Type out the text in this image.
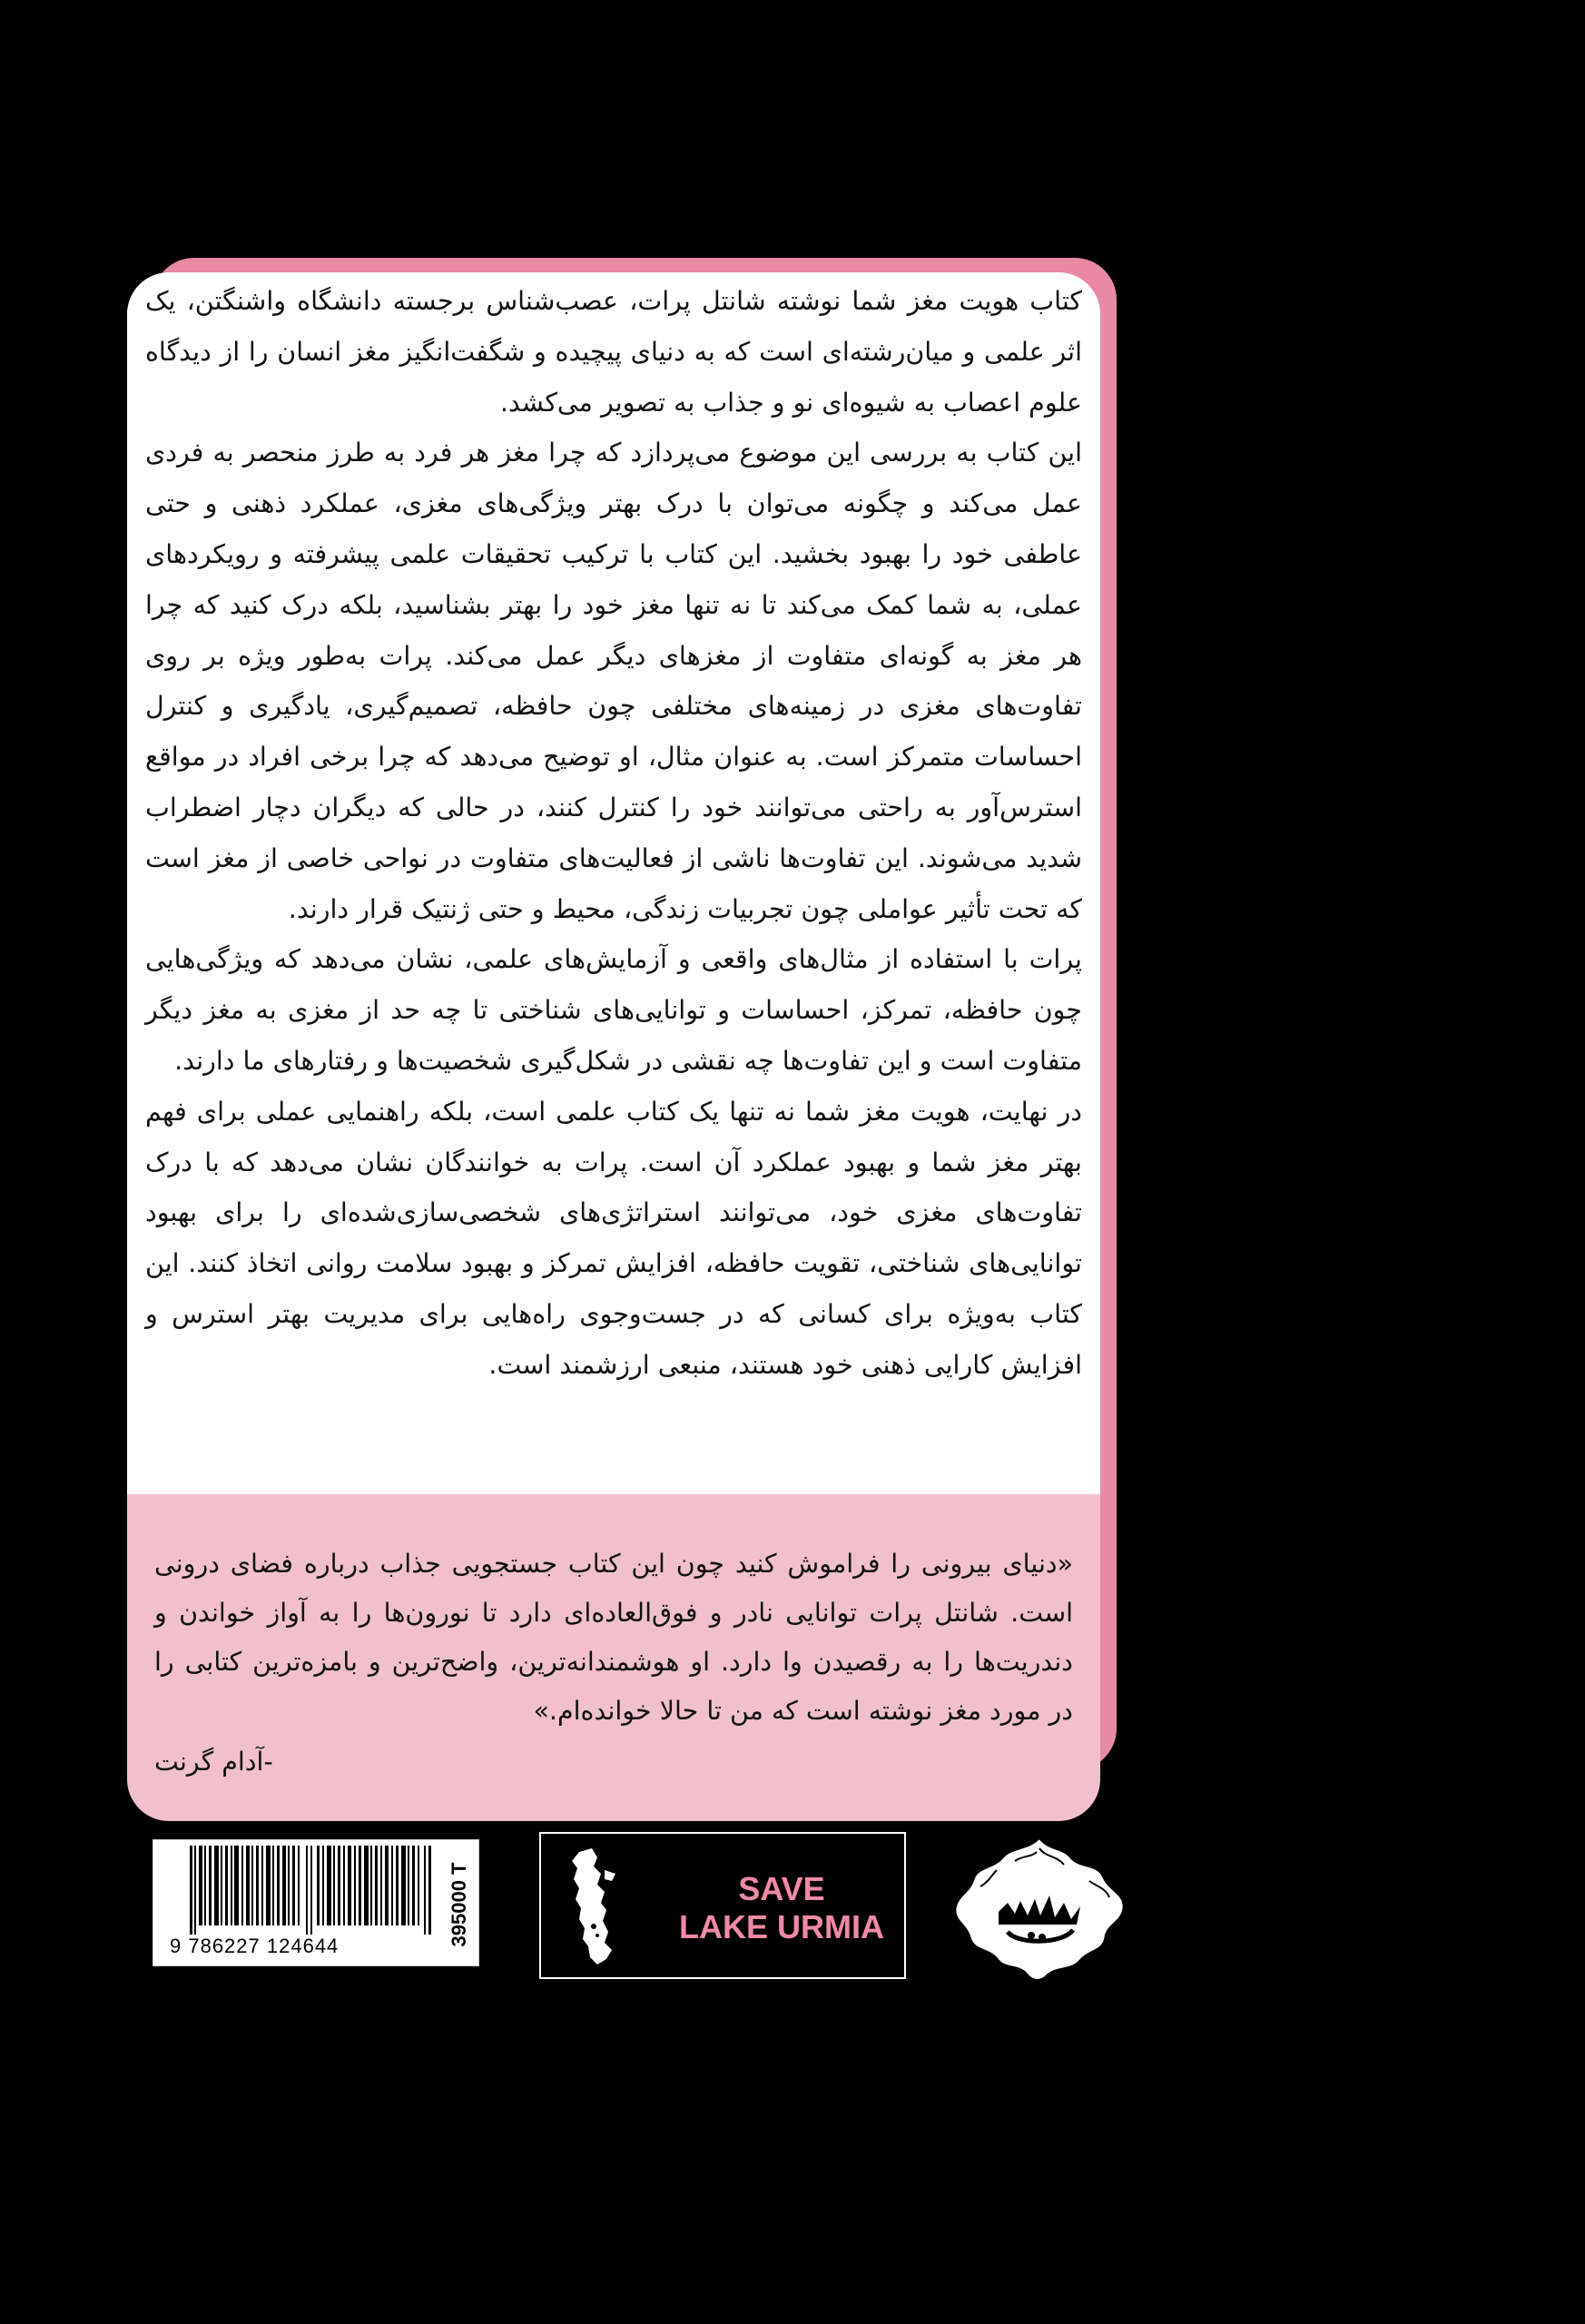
کتاب هویت مغز شما نوشته شانتل پرات، عصب‌شناس برجسته دانشگاه واشنگتن، یک اثر علمی و میان‌رشته‌ای است که به دنیای پیچیده و شگفت‌انگیز مغز انسان را از دیدگاه علوم اعصاب به شیوه‌ای نو و جذاب به تصویر می‌کشد.

این کتاب به بررسی این موضوع می‌پردازد که چرا مغز هر فرد به طرز منحصر به فردی عمل می‌کند و چگونه می‌توان با درک بهتر ویژگی‌های مغزی، عملکرد ذهنی و حتی عاطفی خود را بهبود بخشید. این کتاب با ترکیب تحقیقات علمی پیشرفته و رویکردهای عملی، به شما کمک می‌کند تا نه تنها مغز خود را بهتر بشناسید، بلکه درک کنید که چرا هر مغز به گونه‌ای متفاوت از مغزهای دیگر عمل می‌کند. پرات به‌طور ویژه بر روی تفاوت‌های مغزی در زمینه‌های مختلفی چون حافظه، تصمیم‌گیری، یادگیری و کنترل احساسات متمرکز است. به عنوان مثال، او توضیح می‌دهد که چرا برخی افراد در مواقع استرس‌آور به راحتی می‌توانند خود را کنترل کنند، در حالی که دیگران دچار اضطراب شدید می‌شوند. این تفاوت‌ها ناشی از فعالیت‌های متفاوت در نواحی خاصی از مغز است که تحت تأثیر عواملی چون تجربیات زندگی، محیط و حتی ژنتیک قرار دارند.

پرات با استفاده از مثال‌های واقعی و آزمایش‌های علمی، نشان می‌دهد که ویژگی‌هایی چون حافظه، تمرکز، احساسات و توانایی‌های شناختی تا چه حد از مغزی به مغز دیگر متفاوت است و این تفاوت‌ها چه نقشی در شکل‌گیری شخصیت‌ها و رفتارهای ما دارند.

در نهایت، هویت مغز شما نه تنها یک کتاب علمی است، بلکه راهنمایی عملی برای فهم بهتر مغز شما و بهبود عملکرد آن است. پرات به خوانندگان نشان می‌دهد که با درک تفاوت‌های مغزی خود، می‌توانند استراتژی‌های شخصی‌سازی‌شده‌ای را برای بهبود توانایی‌های شناختی، تقویت حافظه، افزایش تمرکز و بهبود سلامت روانی اتخاذ کنند. این کتاب به‌ویژه برای کسانی که در جست‌وجوی راه‌هایی برای مدیریت بهتر استرس و افزایش کارایی ذهنی خود هستند، منبعی ارزشمند است.

«دنیای بیرونی را فراموش کنید چون این کتاب جستجویی جذاب درباره فضای درونی است. شانتل پرات توانایی نادر و فوق‌العاده‌ای دارد تا نورون‌ها را به آواز خواندن و دندریت‌ها را به رقصیدن وا دارد. او هوشمندانه‌ترین، واضح‌ترین و بامزه‌ترین کتابی را در مورد مغز نوشته است که من تا حالا خوانده‌ام.»

-آدام گرنت
9 786227 124644	395000 T	SAVE
LAKE URMIA
